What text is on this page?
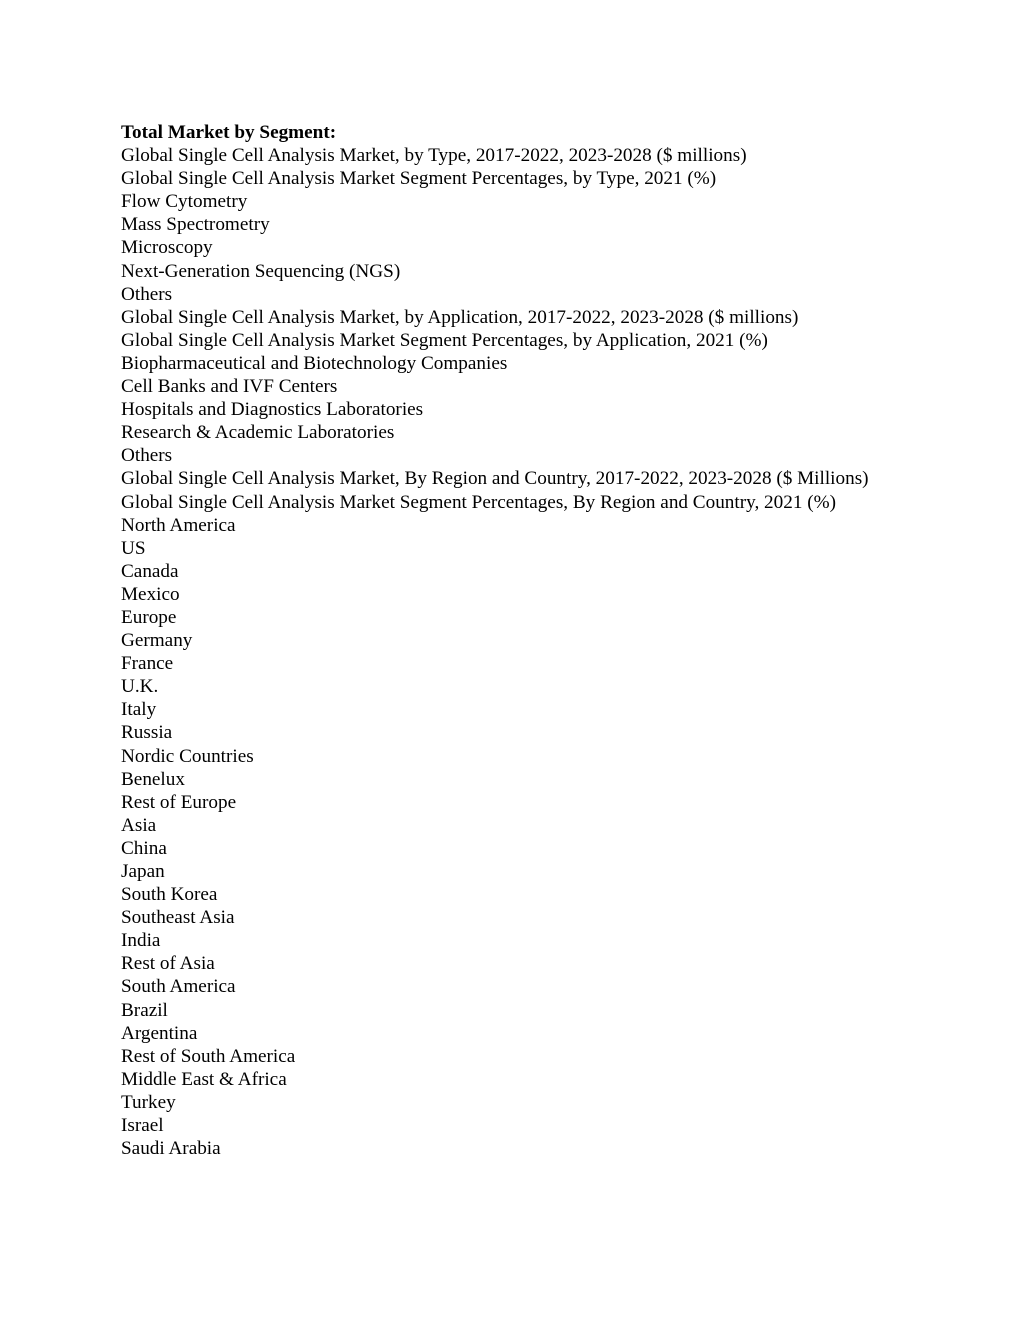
Total Market by Segment:

Global Single Cell Analysis Market, by Type, 2017-2022, 2023-2028 ($ millions)

Global Single Cell Analysis Market Segment Percentages, by Type, 2021 (%)

Flow Cytometry
Mass Spectrometry
Microscopy
Next-Generation Sequencing (NGS)
Others

Global Single Cell Analysis Market, by Application, 2017-2022, 2023-2028 ($ millions)

Global Single Cell Analysis Market Segment Percentages, by Application, 2021 (%)

Biopharmaceutical and Biotechnology Companies
Cell Banks and IVF Centers
Hospitals and Diagnostics Laboratories
Research & Academic Laboratories
Others

Global Single Cell Analysis Market, By Region and Country, 2017-2022, 2023-2028 ($ Millions)

Global Single Cell Analysis Market Segment Percentages, By Region and Country, 2021 (%)

North America
US
Canada
Mexico
Europe
Germany
France
U.K.
Italy
Russia
Nordic Countries
Benelux
Rest of Europe
Asia
China
Japan
South Korea
Southeast Asia
India
Rest of Asia
South America
Brazil
Argentina
Rest of South America
Middle East & Africa
Turkey
Israel
Saudi Arabia
